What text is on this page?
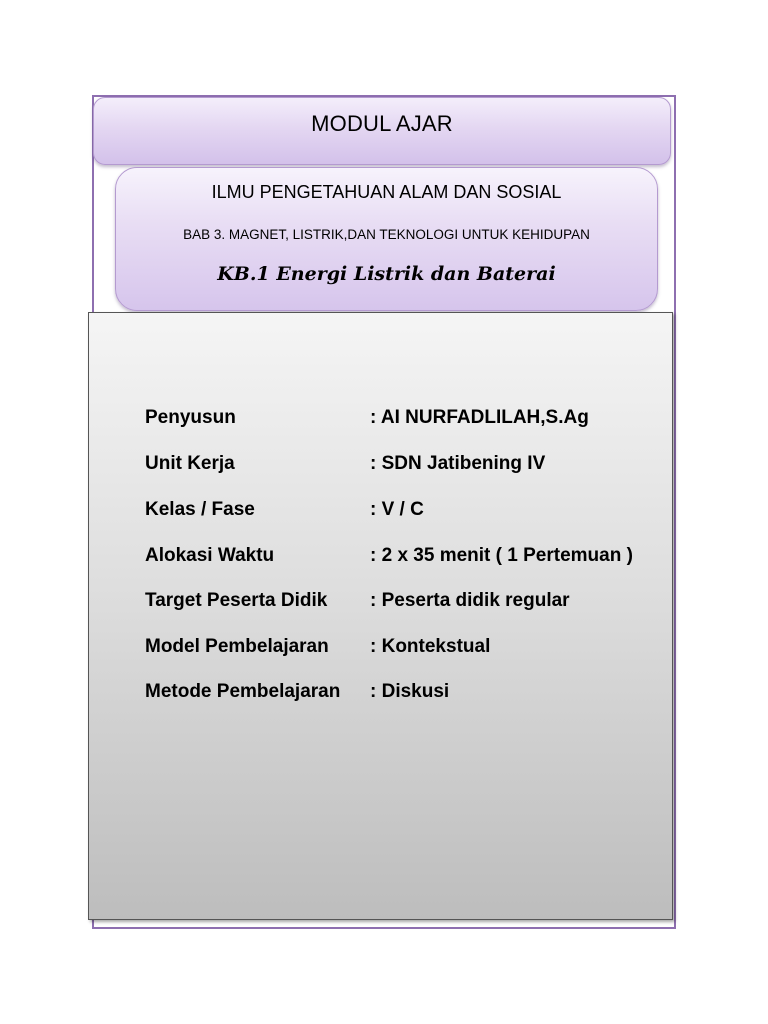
MODUL AJAR
ILMU PENGETAHUAN ALAM DAN SOSIAL
BAB 3. MAGNET, LISTRIK,DAN TEKNOLOGI UNTUK KEHIDUPAN
KB.1 Energi Listrik dan Baterai
Penyusun	: AI NURFADLILAH,S.Ag
Unit Kerja	: SDN Jatibening IV
Kelas / Fase	: V / C
Alokasi Waktu	: 2 x 35 menit ( 1 Pertemuan )
Target Peserta Didik : Peserta didik regular
Model Pembelajaran : Kontekstual
Metode Pembelajaran : Diskusi
